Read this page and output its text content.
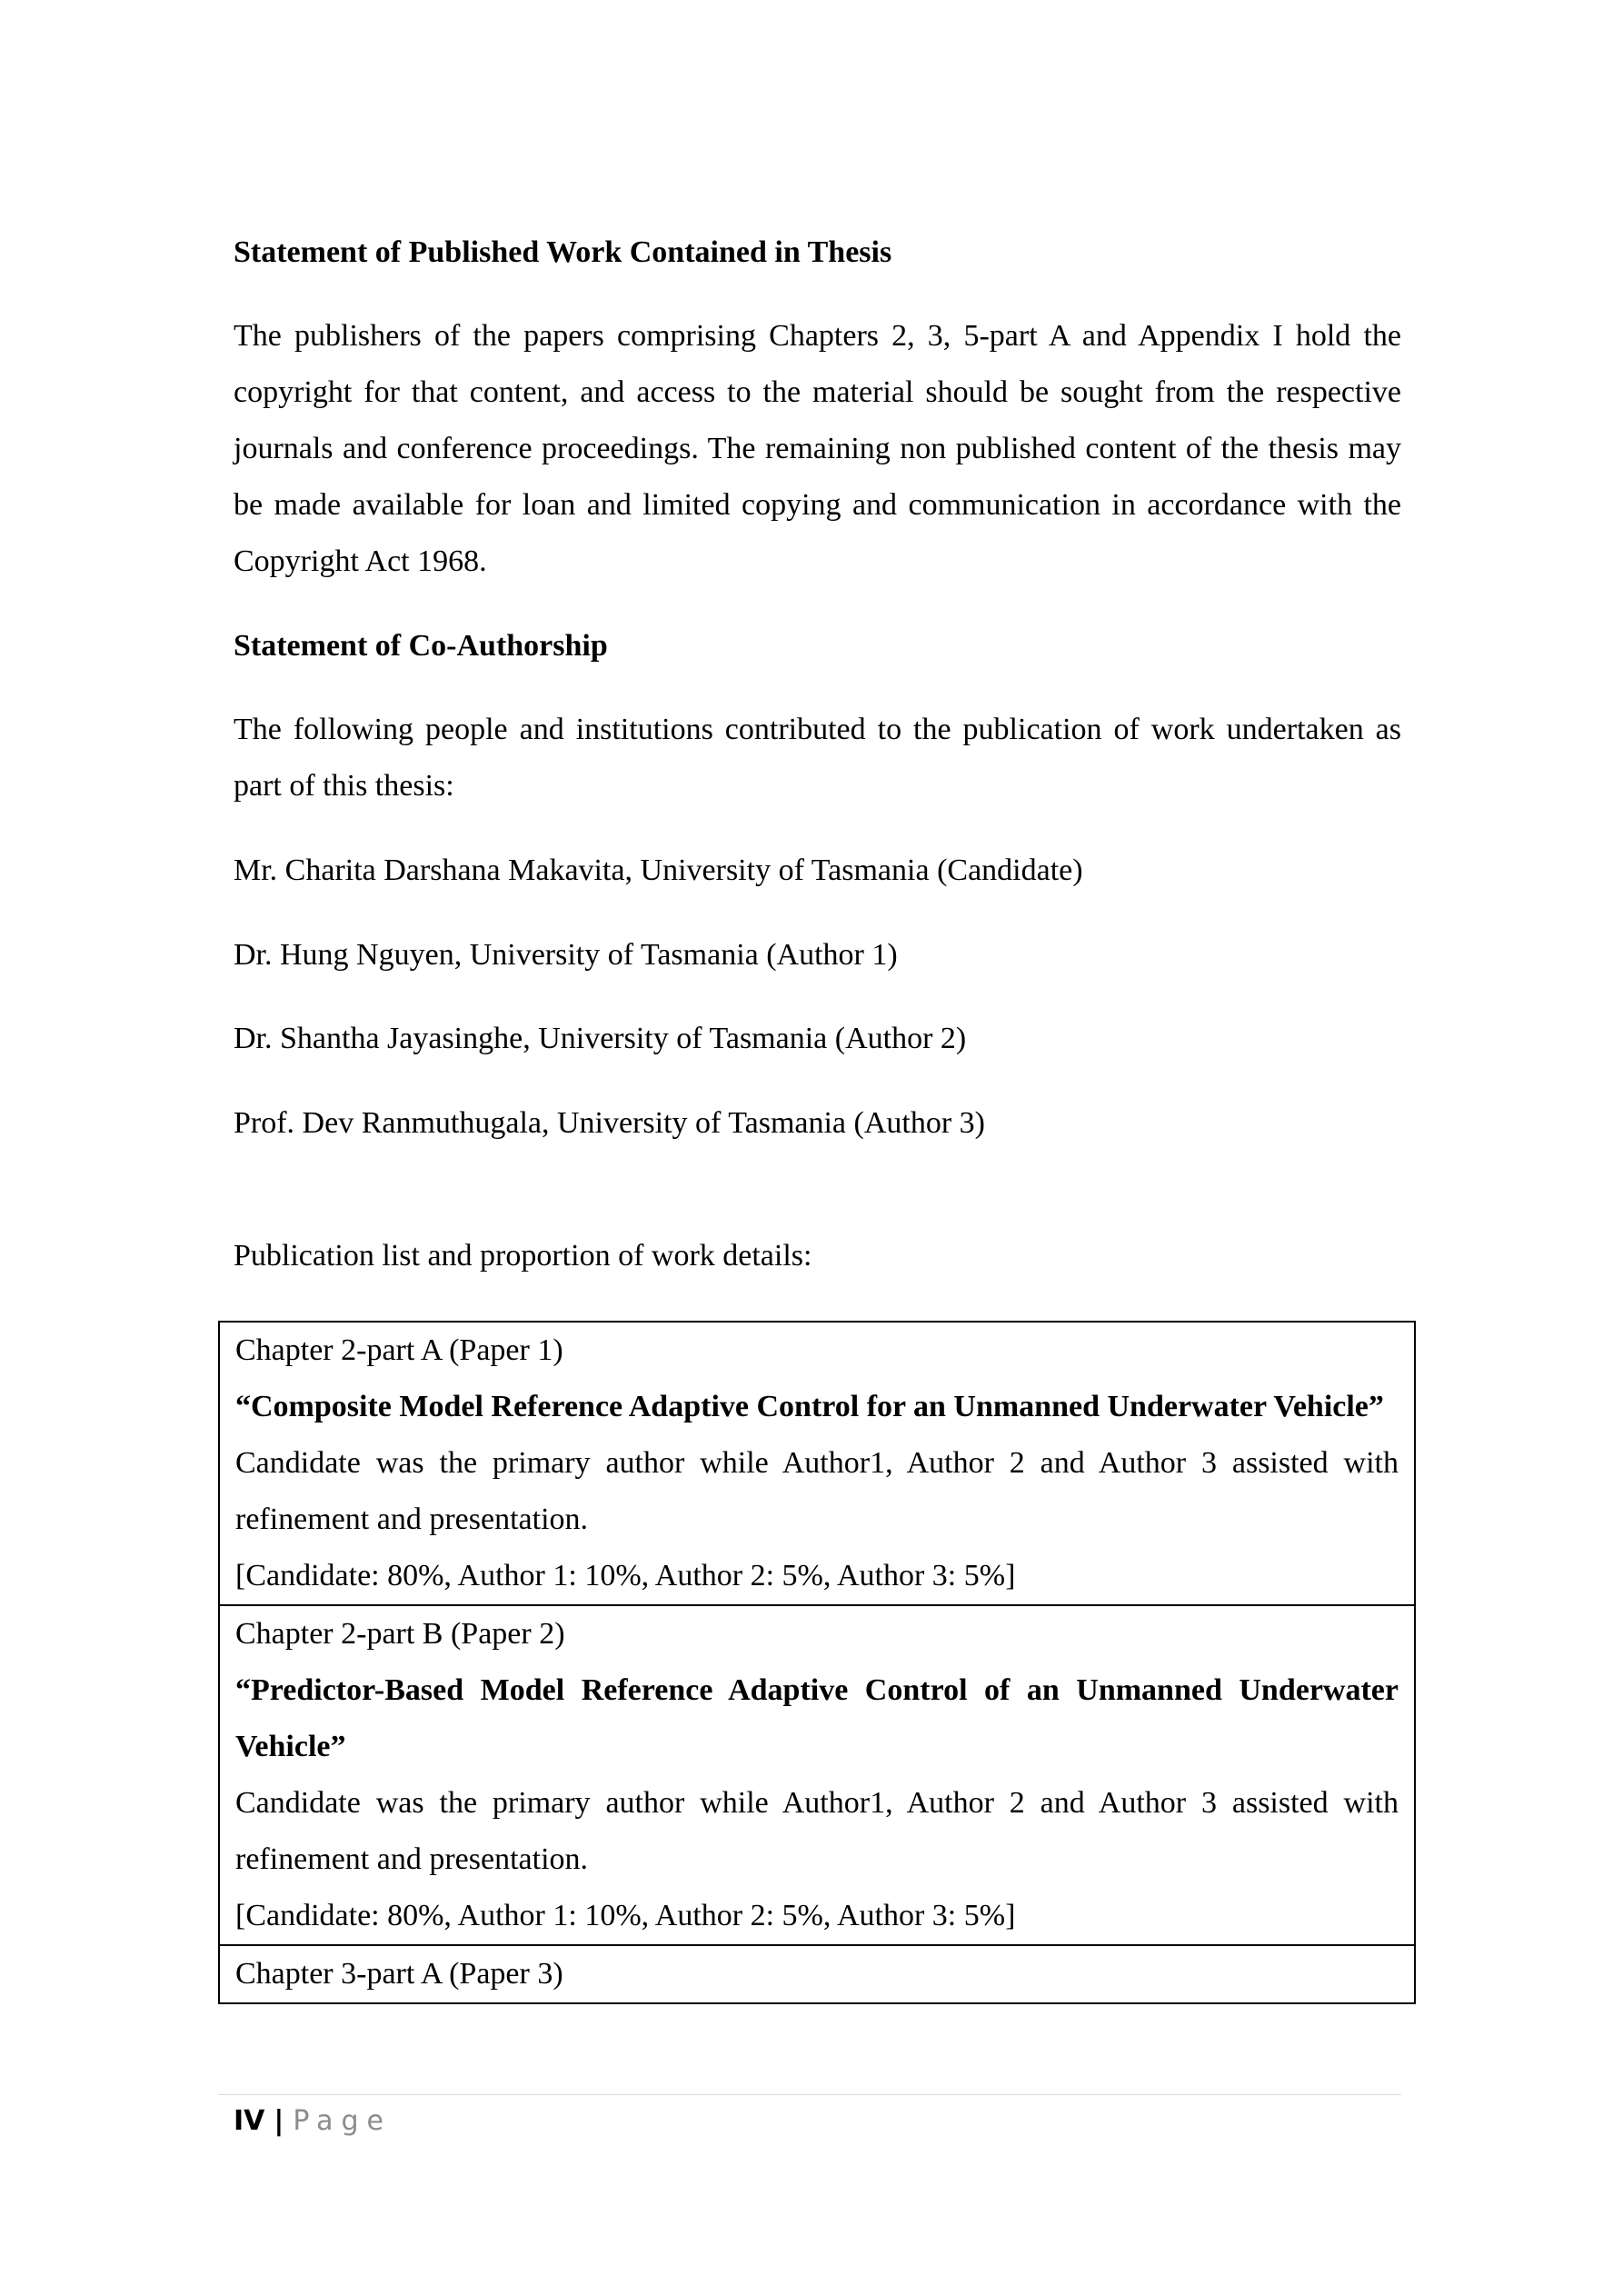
Statement of Published Work Contained in Thesis

The publishers of the papers comprising Chapters 2, 3, 5-part A and Appendix I hold the copyright for that content, and access to the material should be sought from the respective journals and conference proceedings. The remaining non published content of the thesis may be made available for loan and limited copying and communication in accordance with the Copyright Act 1968.

Statement of Co-Authorship

The following people and institutions contributed to the publication of work undertaken as part of this thesis:

Mr. Charita Darshana Makavita, University of Tasmania (Candidate)

Dr. Hung Nguyen, University of Tasmania (Author 1)

Dr. Shantha Jayasinghe, University of Tasmania (Author 2)

Prof. Dev Ranmuthugala, University of Tasmania (Author 3)

Publication list and proportion of work details:

Chapter 2-part A (Paper 1)

“Composite Model Reference Adaptive Control for an Unmanned Underwater Vehicle”

Candidate was the primary author while Author1, Author 2 and Author 3 assisted with refinement and presentation.

[Candidate: 80%, Author 1: 10%, Author 2: 5%, Author 3: 5%]

Chapter 2-part B (Paper 2)

“Predictor-Based Model Reference Adaptive Control of an Unmanned Underwater Vehicle”

Candidate was the primary author while Author1, Author 2 and Author 3 assisted with refinement and presentation.

[Candidate: 80%, Author 1: 10%, Author 2: 5%, Author 3: 5%]

Chapter 3-part A (Paper 3)

IV | Page
